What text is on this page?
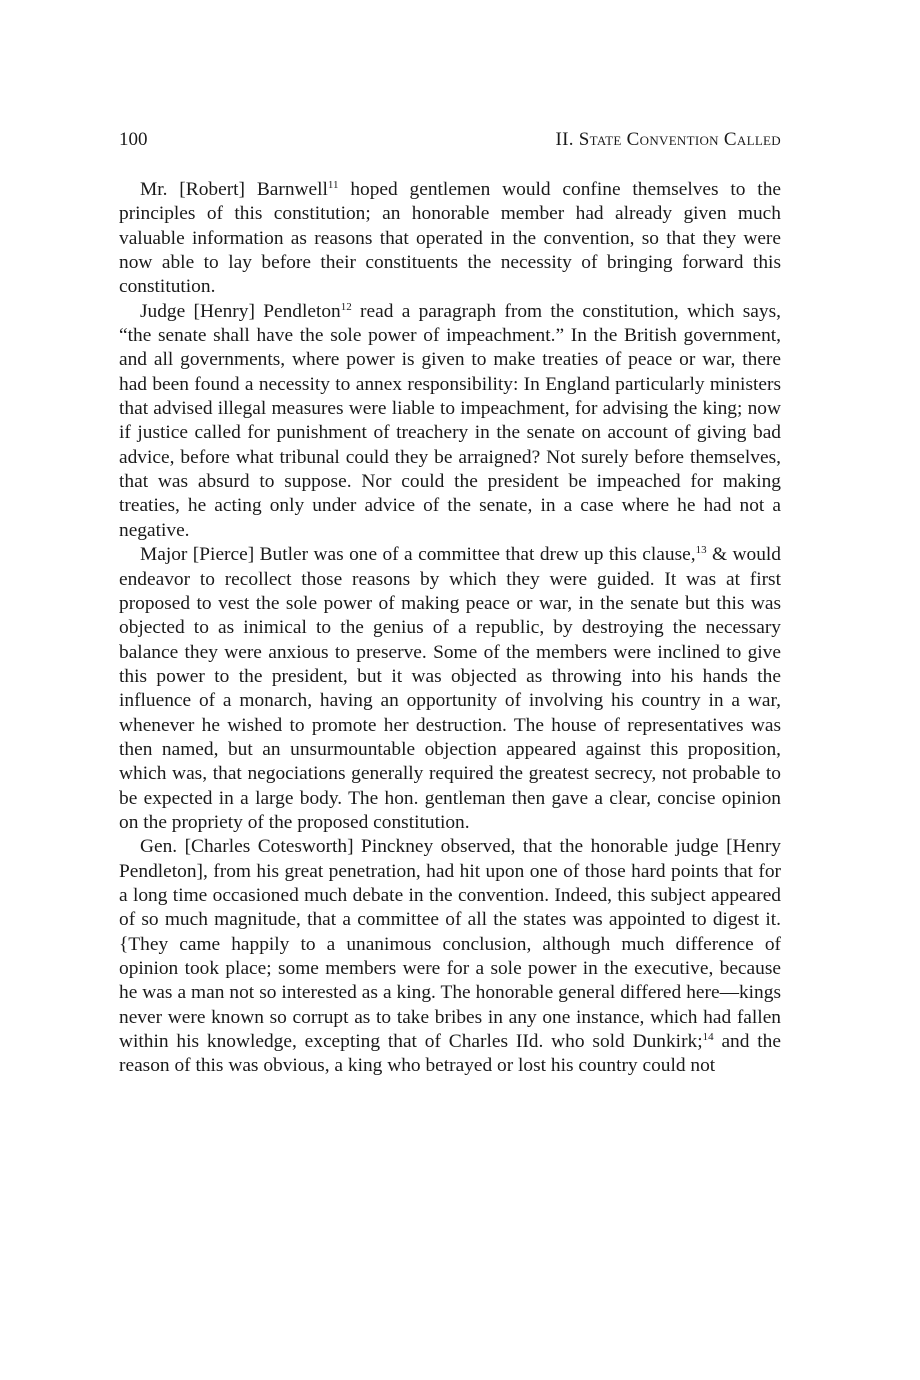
100	II. State Convention Called

Mr. [Robert] Barnwell$^{11}$ hoped gentlemen would confine themselves to the principles of this constitution; an honorable member had already given much valuable information as reasons that operated in the convention, so that they were now able to lay before their constituents the necessity of bringing forward this constitution.

Judge [Henry] Pendleton$^{12}$ read a paragraph from the constitution, which says, “the senate shall have the sole power of impeachment.” In the British government, and all governments, where power is given to make treaties of peace or war, there had been found a necessity to annex responsibility: In England particularly ministers that advised illegal measures were liable to impeachment, for advising the king; now if justice called for punishment of treachery in the senate on account of giving bad advice, before what tribunal could they be arraigned? Not surely before themselves, that was absurd to suppose. Nor could the president be impeached for making treaties, he acting only under advice of the senate, in a case where he had not a negative.

Major [Pierce] Butler was one of a committee that drew up this clause,$^{13}$ & would endeavor to recollect those reasons by which they were guided. It was at first proposed to vest the sole power of making peace or war, in the senate but this was objected to as inimical to the genius of a republic, by destroying the necessary balance they were anxious to preserve. Some of the members were inclined to give this power to the president, but it was objected as throwing into his hands the influence of a monarch, having an opportunity of involving his country in a war, whenever he wished to promote her destruction. The house of representatives was then named, but an unsurmountable objection appeared against this proposition, which was, that negociations generally required the greatest secrecy, not probable to be expected in a large body. The hon. gentleman then gave a clear, concise opinion on the propriety of the proposed constitution.

Gen. [Charles Cotesworth] Pinckney observed, that the honorable judge [Henry Pendleton], from his great penetration, had hit upon one of those hard points that for a long time occasioned much debate in the convention. Indeed, this subject appeared of so much magnitude, that a committee of all the states was appointed to digest it. {They came happily to a unanimous conclusion, although much difference of opinion took place; some members were for a sole power in the executive, because he was a man not so interested as a king. The honorable general differed here—kings never were known so corrupt as to take bribes in any one instance, which had fallen within his knowledge, excepting that of Charles IId. who sold Dunkirk;$^{14}$ and the reason of this was obvious, a king who betrayed or lost his country could not
